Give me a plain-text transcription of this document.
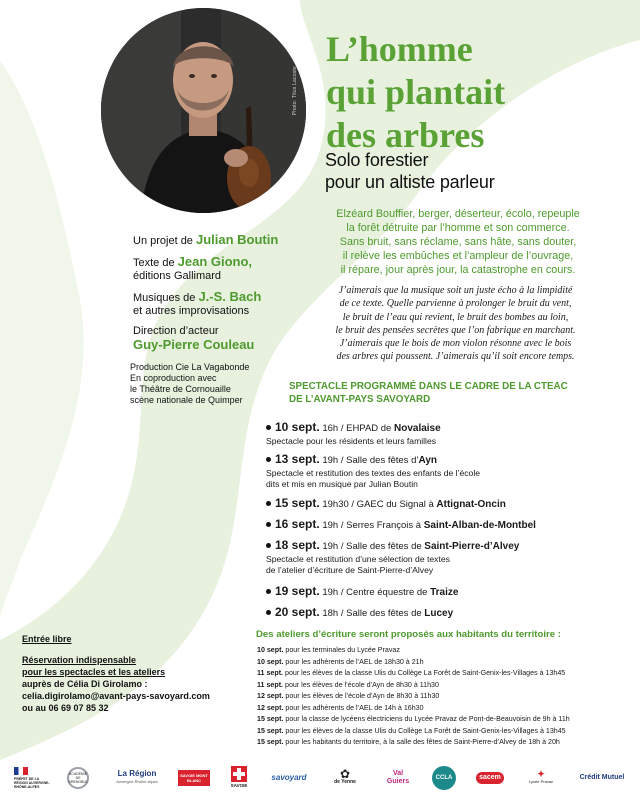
Photo: Titus Lacoste
L’homme
qui plantait
des arbres
Solo forestier
pour un altiste parleur
Elzéard Bouffier, berger, déserteur, écolo, repeuple
la forêt détruite par l’homme et son commerce.
Sans bruit, sans réclame, sans hâte, sans douter,
il relève les embûches et l’ampleur de l’ouvrage,
il répare, jour après jour, la catastrophe en cours.
J’aimerais que la musique soit un juste écho à la limpidité
de ce texte. Quelle parvienne à prolonger le bruit du vent,
le bruit de l’eau qui revient, le bruit des bombes au loin,
le bruit des pensées secrètes que l’on fabrique en marchant.
J’aimerais que le bois de mon violon résonne avec le bois
des arbres qui poussent. J’aimerais qu’il soit encore temps.
Un projet de Julian Boutin
Texte de Jean Giono,
éditions Gallimard
Musiques de J.-S. Bach
et autres improvisations
Direction d’acteur
Guy-Pierre Couleau
Production Cie La Vagabonde
En coproduction avec
le Théâtre de Cornouaille
scène nationale de Quimper
SPECTACLE PROGRAMMÉ DANS LE CADRE DE LA CTEAC
DE L’AVANT-PAYS SAVOYARD
10 sept. 16h / EHPAD de Novalaise
Spectacle pour les résidents et leurs familles
13 sept. 19h / Salle des fêtes d’Ayn
Spectacle et restitution des textes des enfants de l’école
dits et mis en musique par Julian Boutin
15 sept. 19h30 / GAEC du Signal à Attignat-Oncin
16 sept. 19h / Serres François à Saint-Alban-de-Montbel
18 sept. 19h / Salle des fêtes de Saint-Pierre-d’Alvey
Spectacle et restitution d’une sélection de textes
de l’atelier d’écriture de Saint-Pierre-d’Alvey
19 sept. 19h / Centre équestre de Traize
20 sept. 18h / Salle des fêtes de Lucey
Des ateliers d’écriture seront proposés aux habitants du territoire :
10 sept. pour les terminales du Lycée Pravaz
10 sept. pour les adhérents de l’AEL de 18h30 à 21h
11 sept. pour les élèves de la classe Ulis du Collège La Forêt de Saint-Genix-les-Villages à 13h45
11 sept. pour les élèves de l’école d’Ayn de 8h30 à 11h30
12 sept. pour les élèves de l’école d’Ayn de 8h30 à 11h30
12 sept. pour les adhérents de l’AEL de 14h à 16h30
15 sept. pour la classe de lycéens électriciens du Lycée Pravaz de Pont-de-Beauvoisin de 9h à 11h
15 sept. pour les élèves de la classe Ulis du Collège La Forêt de Saint-Genix-les-Villages à 13h45
15 sept. pour les habitants du territoire, à la salle des fêtes de Saint-Pierre-d’Alvey de 18h à 20h
Entrée libre
Réservation indispensable
pour les spectacles et les ateliers
auprès de Célia Di Girolamo :
celia.digirolamo@avant-pays-savoyard.com
ou au 06 69 07 85 32
PRÉFET DE LA RÉGION AUVERGNE-RHÔNE-ALPES
ACADÉMIE DE GRENOBLE
La Région
Auvergne-Rhône-Alpes
SAVOIE MONT BLANC
SAVOIE
savoyard	✿
de Yenne
Val Guiers	CCLA	sacem	✦
Lycée Pravaz
Crédit Mutuel
